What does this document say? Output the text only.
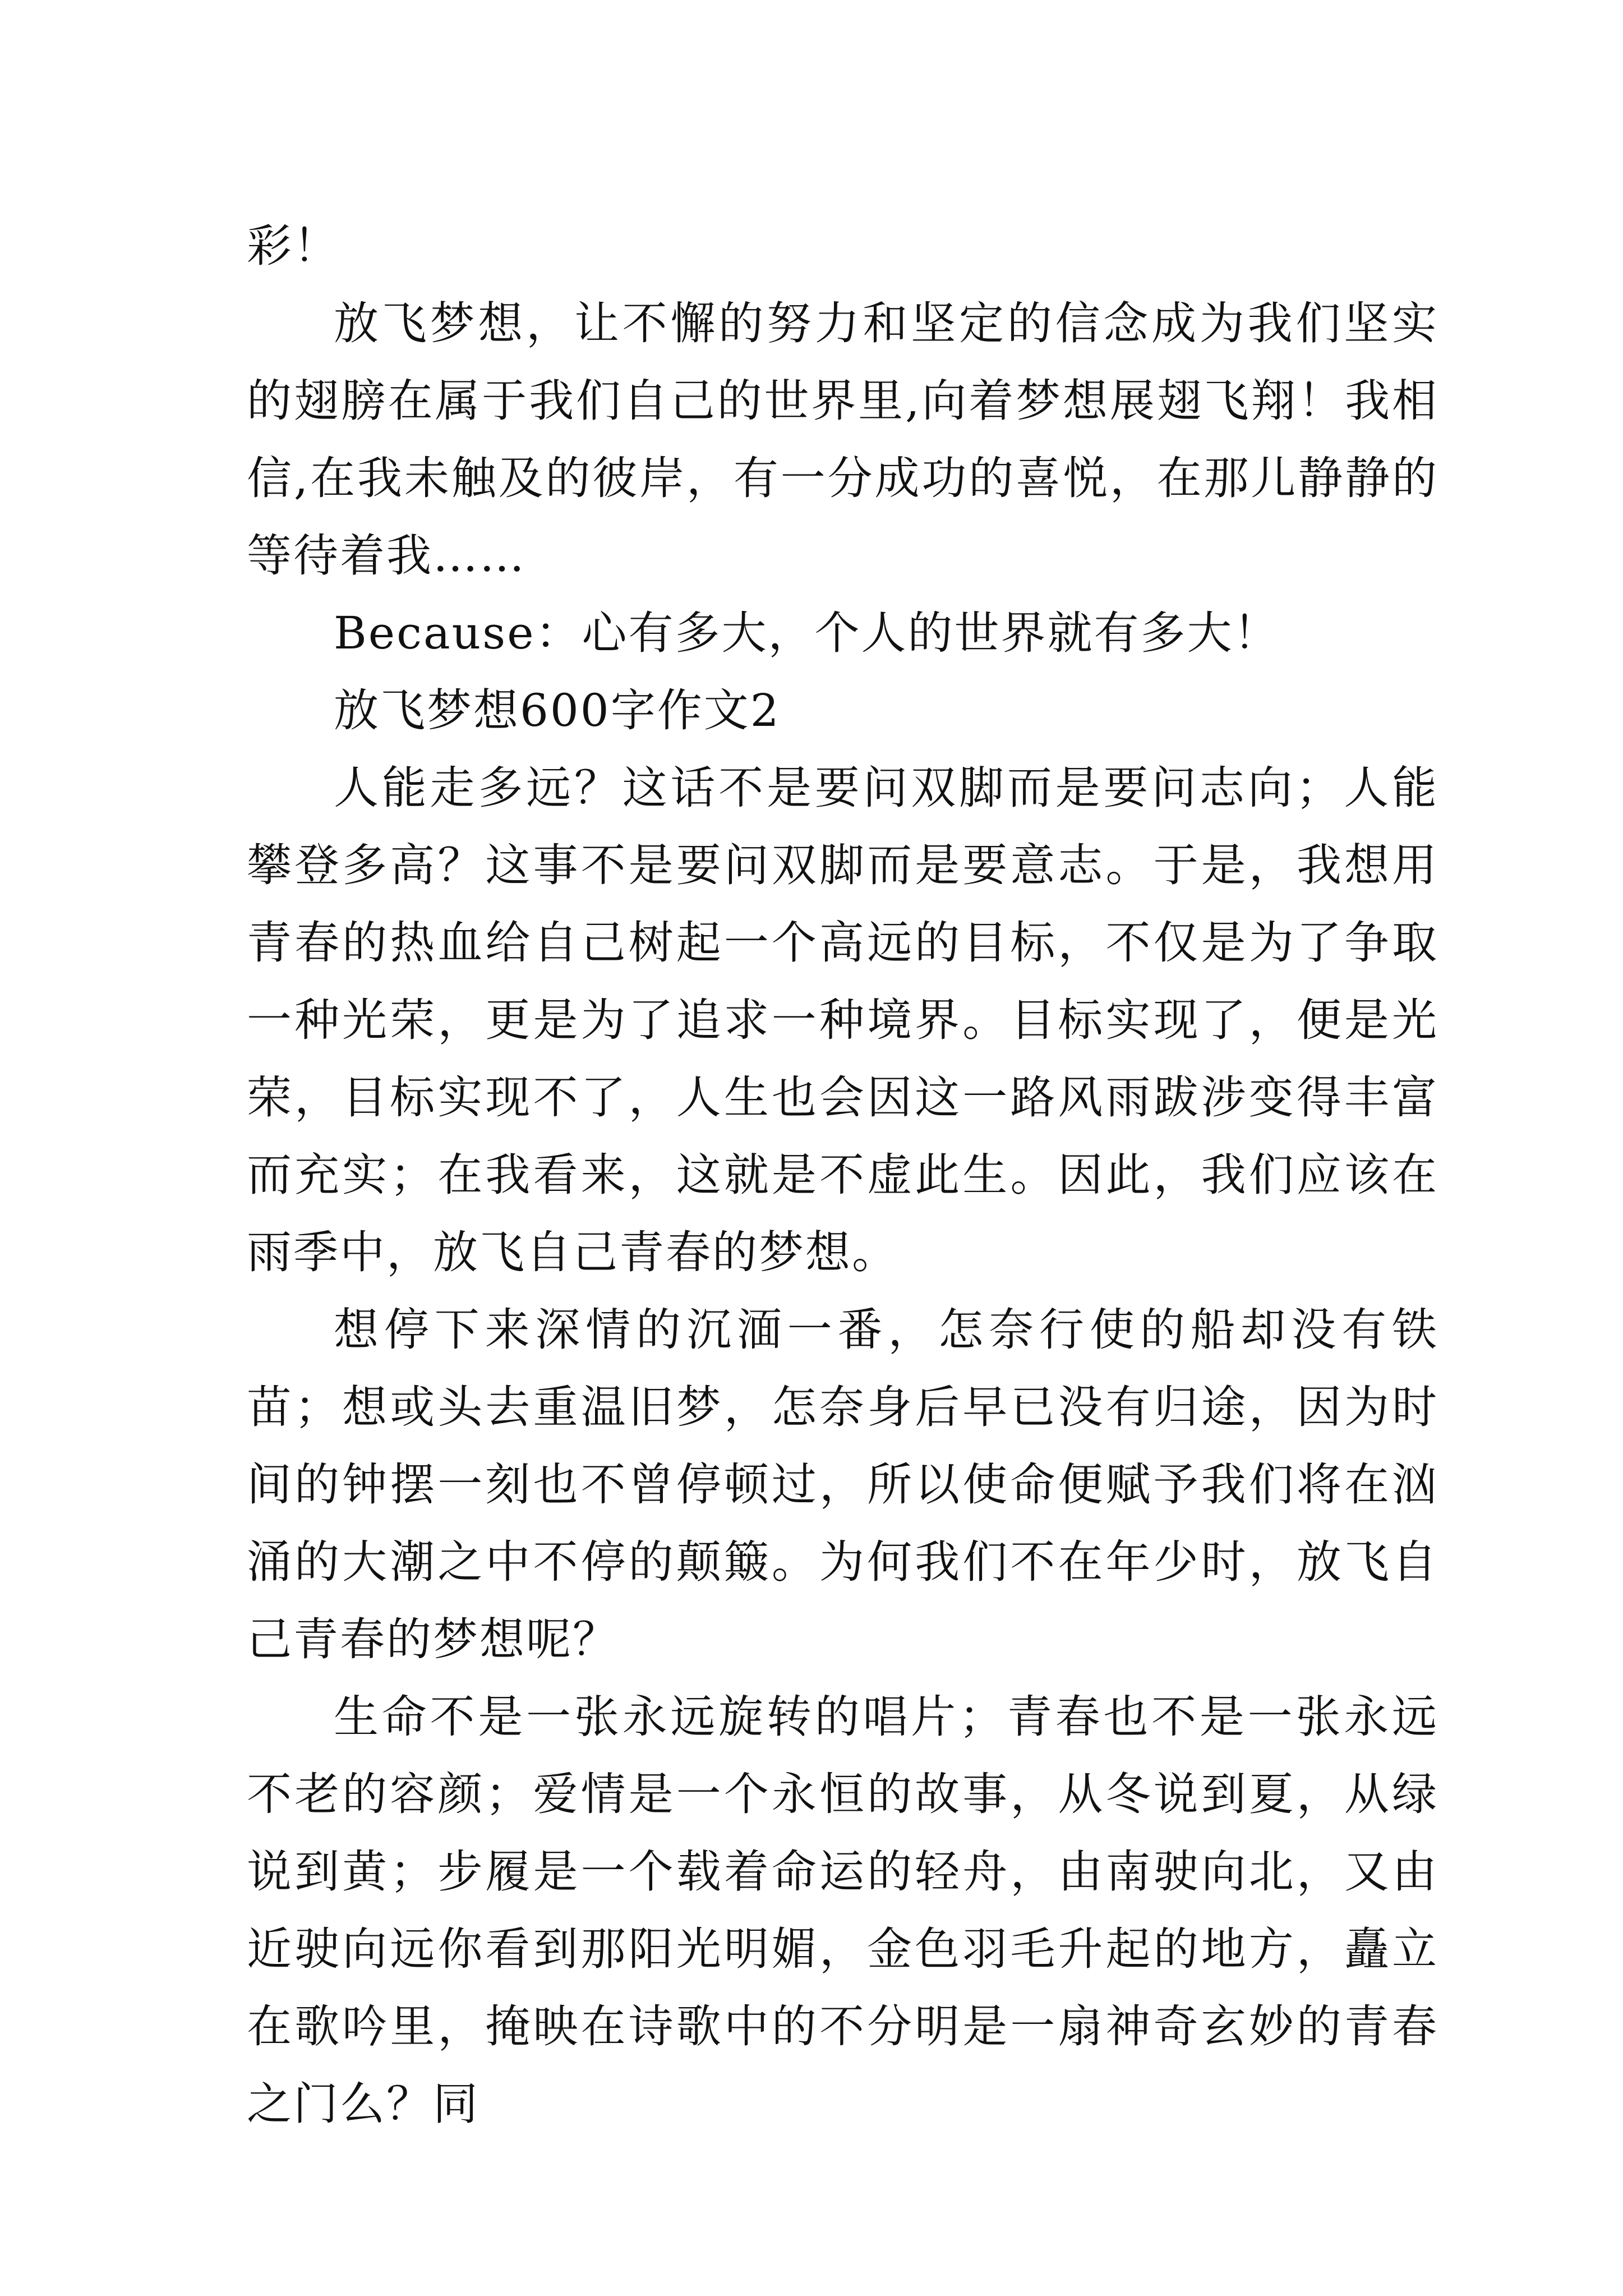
彩！

放飞梦想，让不懈的努力和坚定的信念成为我们坚实的翅膀在属于我们自己的世界里,向着梦想展翅飞翔！我相信,在我未触及的彼岸，有一分成功的喜悦，在那儿静静的等待着我……

Because：心有多大，个人的世界就有多大！

放飞梦想600字作文2

人能走多远？这话不是要问双脚而是要问志向；人能攀登多高？这事不是要问双脚而是要意志。于是，我想用青春的热血给自己树起一个高远的目标，不仅是为了争取一种光荣，更是为了追求一种境界。目标实现了，便是光荣，目标实现不了，人生也会因这一路风雨跋涉变得丰富而充实；在我看来，这就是不虚此生。因此，我们应该在雨季中，放飞自己青春的梦想。

想停下来深情的沉湎一番，怎奈行使的船却没有铁苗；想或头去重温旧梦，怎奈身后早已没有归途，因为时间的钟摆一刻也不曾停顿过，所以使命便赋予我们将在汹涌的大潮之中不停的颠簸。为何我们不在年少时，放飞自己青春的梦想呢？

生命不是一张永远旋转的唱片；青春也不是一张永远不老的容颜；爱情是一个永恒的故事，从冬说到夏，从绿说到黄；步履是一个载着命运的轻舟，由南驶向北，又由近驶向远你看到那阳光明媚，金色羽毛升起的地方，矗立在歌吟里，掩映在诗歌中的不分明是一扇神奇玄妙的青春之门么？同
